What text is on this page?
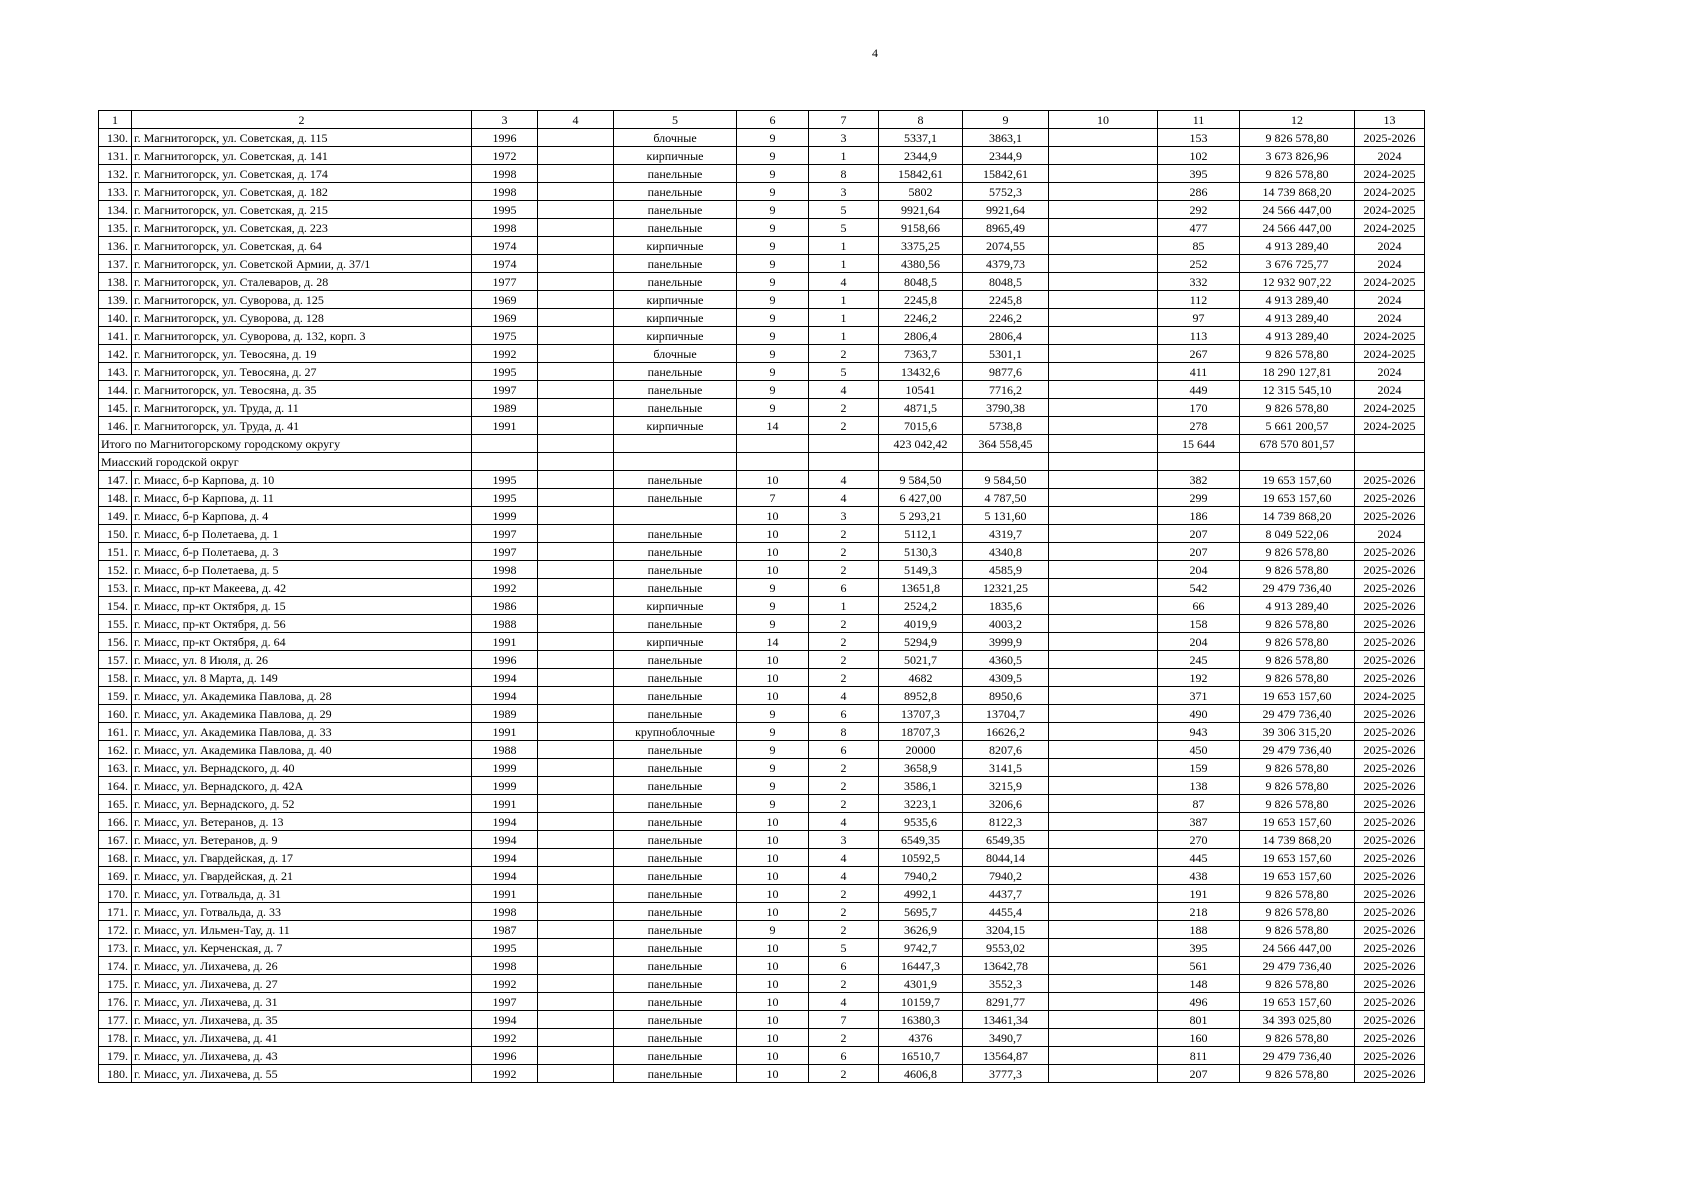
4
1	2	3	4	5	6	7	8	9	10	11	12	13
130.	г. Магнитогорск, ул. Советская, д. 115	1996		блочные	9	3	5337,1	3863,1		153	9 826 578,80	2025-2026
131.	г. Магнитогорск, ул. Советская, д. 141	1972		кирпичные	9	1	2344,9	2344,9		102	3 673 826,96	2024
132.	г. Магнитогорск, ул. Советская, д. 174	1998		панельные	9	8	15842,61	15842,61		395	9 826 578,80	2024-2025
133.	г. Магнитогорск, ул. Советская, д. 182	1998		панельные	9	3	5802	5752,3		286	14 739 868,20	2024-2025
134.	г. Магнитогорск, ул. Советская, д. 215	1995		панельные	9	5	9921,64	9921,64		292	24 566 447,00	2024-2025
135.	г. Магнитогорск, ул. Советская, д. 223	1998		панельные	9	5	9158,66	8965,49		477	24 566 447,00	2024-2025
136.	г. Магнитогорск, ул. Советская, д. 64	1974		кирпичные	9	1	3375,25	2074,55		85	4 913 289,40	2024
137.	г. Магнитогорск, ул. Советской Армии, д. 37/1	1974		панельные	9	1	4380,56	4379,73		252	3 676 725,77	2024
138.	г. Магнитогорск, ул. Сталеваров, д. 28	1977		панельные	9	4	8048,5	8048,5		332	12 932 907,22	2024-2025
139.	г. Магнитогорск, ул. Суворова, д. 125	1969		кирпичные	9	1	2245,8	2245,8		112	4 913 289,40	2024
140.	г. Магнитогорск, ул. Суворова, д. 128	1969		кирпичные	9	1	2246,2	2246,2		97	4 913 289,40	2024
141.	г. Магнитогорск, ул. Суворова, д. 132, корп. 3	1975		кирпичные	9	1	2806,4	2806,4		113	4 913 289,40	2024-2025
142.	г. Магнитогорск, ул. Тевосяна, д. 19	1992		блочные	9	2	7363,7	5301,1		267	9 826 578,80	2024-2025
143.	г. Магнитогорск, ул. Тевосяна, д. 27	1995		панельные	9	5	13432,6	9877,6		411	18 290 127,81	2024
144.	г. Магнитогорск, ул. Тевосяна, д. 35	1997		панельные	9	4	10541	7716,2		449	12 315 545,10	2024
145.	г. Магнитогорск, ул. Труда, д. 11	1989		панельные	9	2	4871,5	3790,38		170	9 826 578,80	2024-2025
146.	г. Магнитогорск, ул. Труда, д. 41	1991		кирпичные	14	2	7015,6	5738,8		278	5 661 200,57	2024-2025
Итого по Магнитогорскому городскому округу							423 042,42	364 558,45		15 644	678 570 801,57	
Миасский городской округ												
147.	г. Миасс, б-р Карпова, д. 10	1995		панельные	10	4	9 584,50	9 584,50		382	19 653 157,60	2025-2026
148.	г. Миасс, б-р Карпова, д. 11	1995		панельные	7	4	6 427,00	4 787,50		299	19 653 157,60	2025-2026
149.	г. Миасс, б-р Карпова, д. 4	1999			10	3	5 293,21	5 131,60		186	14 739 868,20	2025-2026
150.	г. Миасс, б-р Полетаева, д. 1	1997		панельные	10	2	5112,1	4319,7		207	8 049 522,06	2024
151.	г. Миасс, б-р Полетаева, д. 3	1997		панельные	10	2	5130,3	4340,8		207	9 826 578,80	2025-2026
152.	г. Миасс, б-р Полетаева, д. 5	1998		панельные	10	2	5149,3	4585,9		204	9 826 578,80	2025-2026
153.	г. Миасс, пр-кт Макеева, д. 42	1992		панельные	9	6	13651,8	12321,25		542	29 479 736,40	2025-2026
154.	г. Миасс, пр-кт Октября, д. 15	1986		кирпичные	9	1	2524,2	1835,6		66	4 913 289,40	2025-2026
155.	г. Миасс, пр-кт Октября, д. 56	1988		панельные	9	2	4019,9	4003,2		158	9 826 578,80	2025-2026
156.	г. Миасс, пр-кт Октября, д. 64	1991		кирпичные	14	2	5294,9	3999,9		204	9 826 578,80	2025-2026
157.	г. Миасс, ул. 8 Июля, д. 26	1996		панельные	10	2	5021,7	4360,5		245	9 826 578,80	2025-2026
158.	г. Миасс, ул. 8 Марта, д. 149	1994		панельные	10	2	4682	4309,5		192	9 826 578,80	2025-2026
159.	г. Миасс, ул. Академика Павлова, д. 28	1994		панельные	10	4	8952,8	8950,6		371	19 653 157,60	2024-2025
160.	г. Миасс, ул. Академика Павлова, д. 29	1989		панельные	9	6	13707,3	13704,7		490	29 479 736,40	2025-2026
161.	г. Миасс, ул. Академика Павлова, д. 33	1991		крупноблочные	9	8	18707,3	16626,2		943	39 306 315,20	2025-2026
162.	г. Миасс, ул. Академика Павлова, д. 40	1988		панельные	9	6	20000	8207,6		450	29 479 736,40	2025-2026
163.	г. Миасс, ул. Вернадского, д. 40	1999		панельные	9	2	3658,9	3141,5		159	9 826 578,80	2025-2026
164.	г. Миасс, ул. Вернадского, д. 42А	1999		панельные	9	2	3586,1	3215,9		138	9 826 578,80	2025-2026
165.	г. Миасс, ул. Вернадского, д. 52	1991		панельные	9	2	3223,1	3206,6		87	9 826 578,80	2025-2026
166.	г. Миасс, ул. Ветеранов, д. 13	1994		панельные	10	4	9535,6	8122,3		387	19 653 157,60	2025-2026
167.	г. Миасс, ул. Ветеранов, д. 9	1994		панельные	10	3	6549,35	6549,35		270	14 739 868,20	2025-2026
168.	г. Миасс, ул. Гвардейская, д. 17	1994		панельные	10	4	10592,5	8044,14		445	19 653 157,60	2025-2026
169.	г. Миасс, ул. Гвардейская, д. 21	1994		панельные	10	4	7940,2	7940,2		438	19 653 157,60	2025-2026
170.	г. Миасс, ул. Готвальда, д. 31	1991		панельные	10	2	4992,1	4437,7		191	9 826 578,80	2025-2026
171.	г. Миасс, ул. Готвальда, д. 33	1998		панельные	10	2	5695,7	4455,4		218	9 826 578,80	2025-2026
172.	г. Миасс, ул. Ильмен-Тау, д. 11	1987		панельные	9	2	3626,9	3204,15		188	9 826 578,80	2025-2026
173.	г. Миасс, ул. Керченская, д. 7	1995		панельные	10	5	9742,7	9553,02		395	24 566 447,00	2025-2026
174.	г. Миасс, ул. Лихачева, д. 26	1998		панельные	10	6	16447,3	13642,78		561	29 479 736,40	2025-2026
175.	г. Миасс, ул. Лихачева, д. 27	1992		панельные	10	2	4301,9	3552,3		148	9 826 578,80	2025-2026
176.	г. Миасс, ул. Лихачева, д. 31	1997		панельные	10	4	10159,7	8291,77		496	19 653 157,60	2025-2026
177.	г. Миасс, ул. Лихачева, д. 35	1994		панельные	10	7	16380,3	13461,34		801	34 393 025,80	2025-2026
178.	г. Миасс, ул. Лихачева, д. 41	1992		панельные	10	2	4376	3490,7		160	9 826 578,80	2025-2026
179.	г. Миасс, ул. Лихачева, д. 43	1996		панельные	10	6	16510,7	13564,87		811	29 479 736,40	2025-2026
180.	г. Миасс, ул. Лихачева, д. 55	1992		панельные	10	2	4606,8	3777,3		207	9 826 578,80	2025-2026
